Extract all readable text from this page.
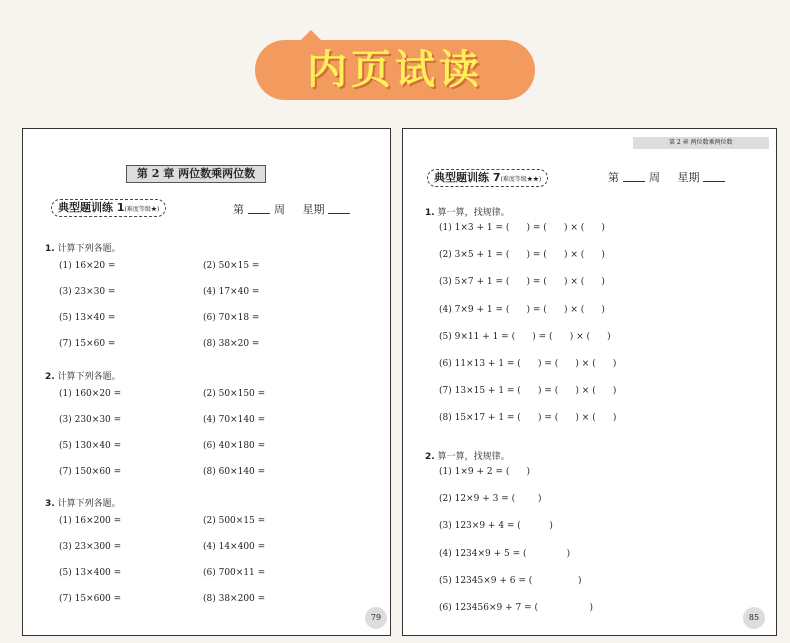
内页试读
第 2 章 两位数乘两位数
典型题训练 1(难度等级★)	第	周 星期
1. 计算下列各题。
(1) 16×20 =	(2) 50×15 =
(3) 23×30 =	(4) 17×40 =
(5) 13×40 =	(6) 70×18 =
(7) 15×60 =	(8) 38×20 =
2. 计算下列各题。
(1) 160×20 =	(2) 50×150 =
(3) 230×30 =	(4) 70×140 =
(5) 130×40 =	(6) 40×180 =
(7) 150×60 =	(8) 60×140 =
3. 计算下列各题。
(1) 16×200 =	(2) 500×15 =
(3) 23×300 =	(4) 14×400 =
(5) 13×400 =	(6) 700×11 =
(7) 15×600 =	(8) 38×200 =
79
第 2 章 两位数乘两位数
典型题训练 7(难度等级★★)	第	周 星期
1. 算一算，找规律。
(1) 1×3 + 1 = (      ) = (      ) × (      )
(2) 3×5 + 1 = (      ) = (      ) × (      )
(3) 5×7 + 1 = (      ) = (      ) × (      )
(4) 7×9 + 1 = (      ) = (      ) × (      )
(5) 9×11 + 1 = (      ) = (      ) × (      )
(6) 11×13 + 1 = (      ) = (      ) × (      )
(7) 13×15 + 1 = (      ) = (      ) × (      )
(8) 15×17 + 1 = (      ) = (      ) × (      )
2. 算一算，找规律。
(1) 1×9 + 2 = (      )
(2) 12×9 + 3 = (        )
(3) 123×9 + 4 = (          )
(4) 1234×9 + 5 = (              )
(5) 12345×9 + 6 = (                )
(6) 123456×9 + 7 = (                  )
85
